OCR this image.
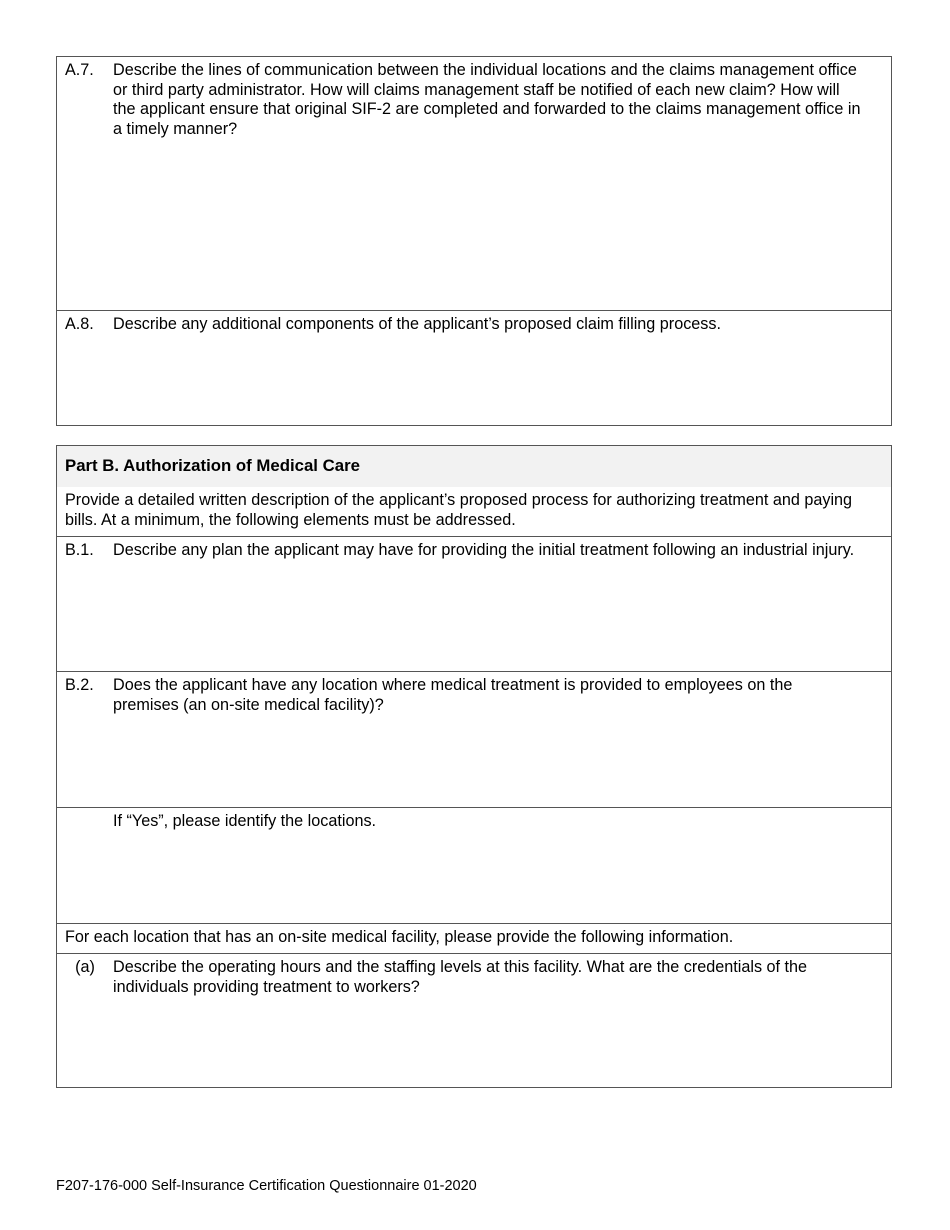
A.7. Describe the lines of communication between the individual locations and the claims management office or third party administrator. How will claims management staff be notified of each new claim? How will the applicant ensure that original SIF-2 are completed and forwarded to the claims management office in a timely manner?
A.8. Describe any additional components of the applicant’s proposed claim filling process.
Part B. Authorization of Medical Care
Provide a detailed written description of the applicant’s proposed process for authorizing treatment and paying bills. At a minimum, the following elements must be addressed.
B.1. Describe any plan the applicant may have for providing the initial treatment following an industrial injury.
B.2. Does the applicant have any location where medical treatment is provided to employees on the premises (an on-site medical facility)?
If “Yes”, please identify the locations.
For each location that has an on-site medical facility, please provide the following information.
(a)	Describe the operating hours and the staffing levels at this facility. What are the credentials of the individuals providing treatment to workers?
F207-176-000 Self-Insurance Certification Questionnaire 01-2020
